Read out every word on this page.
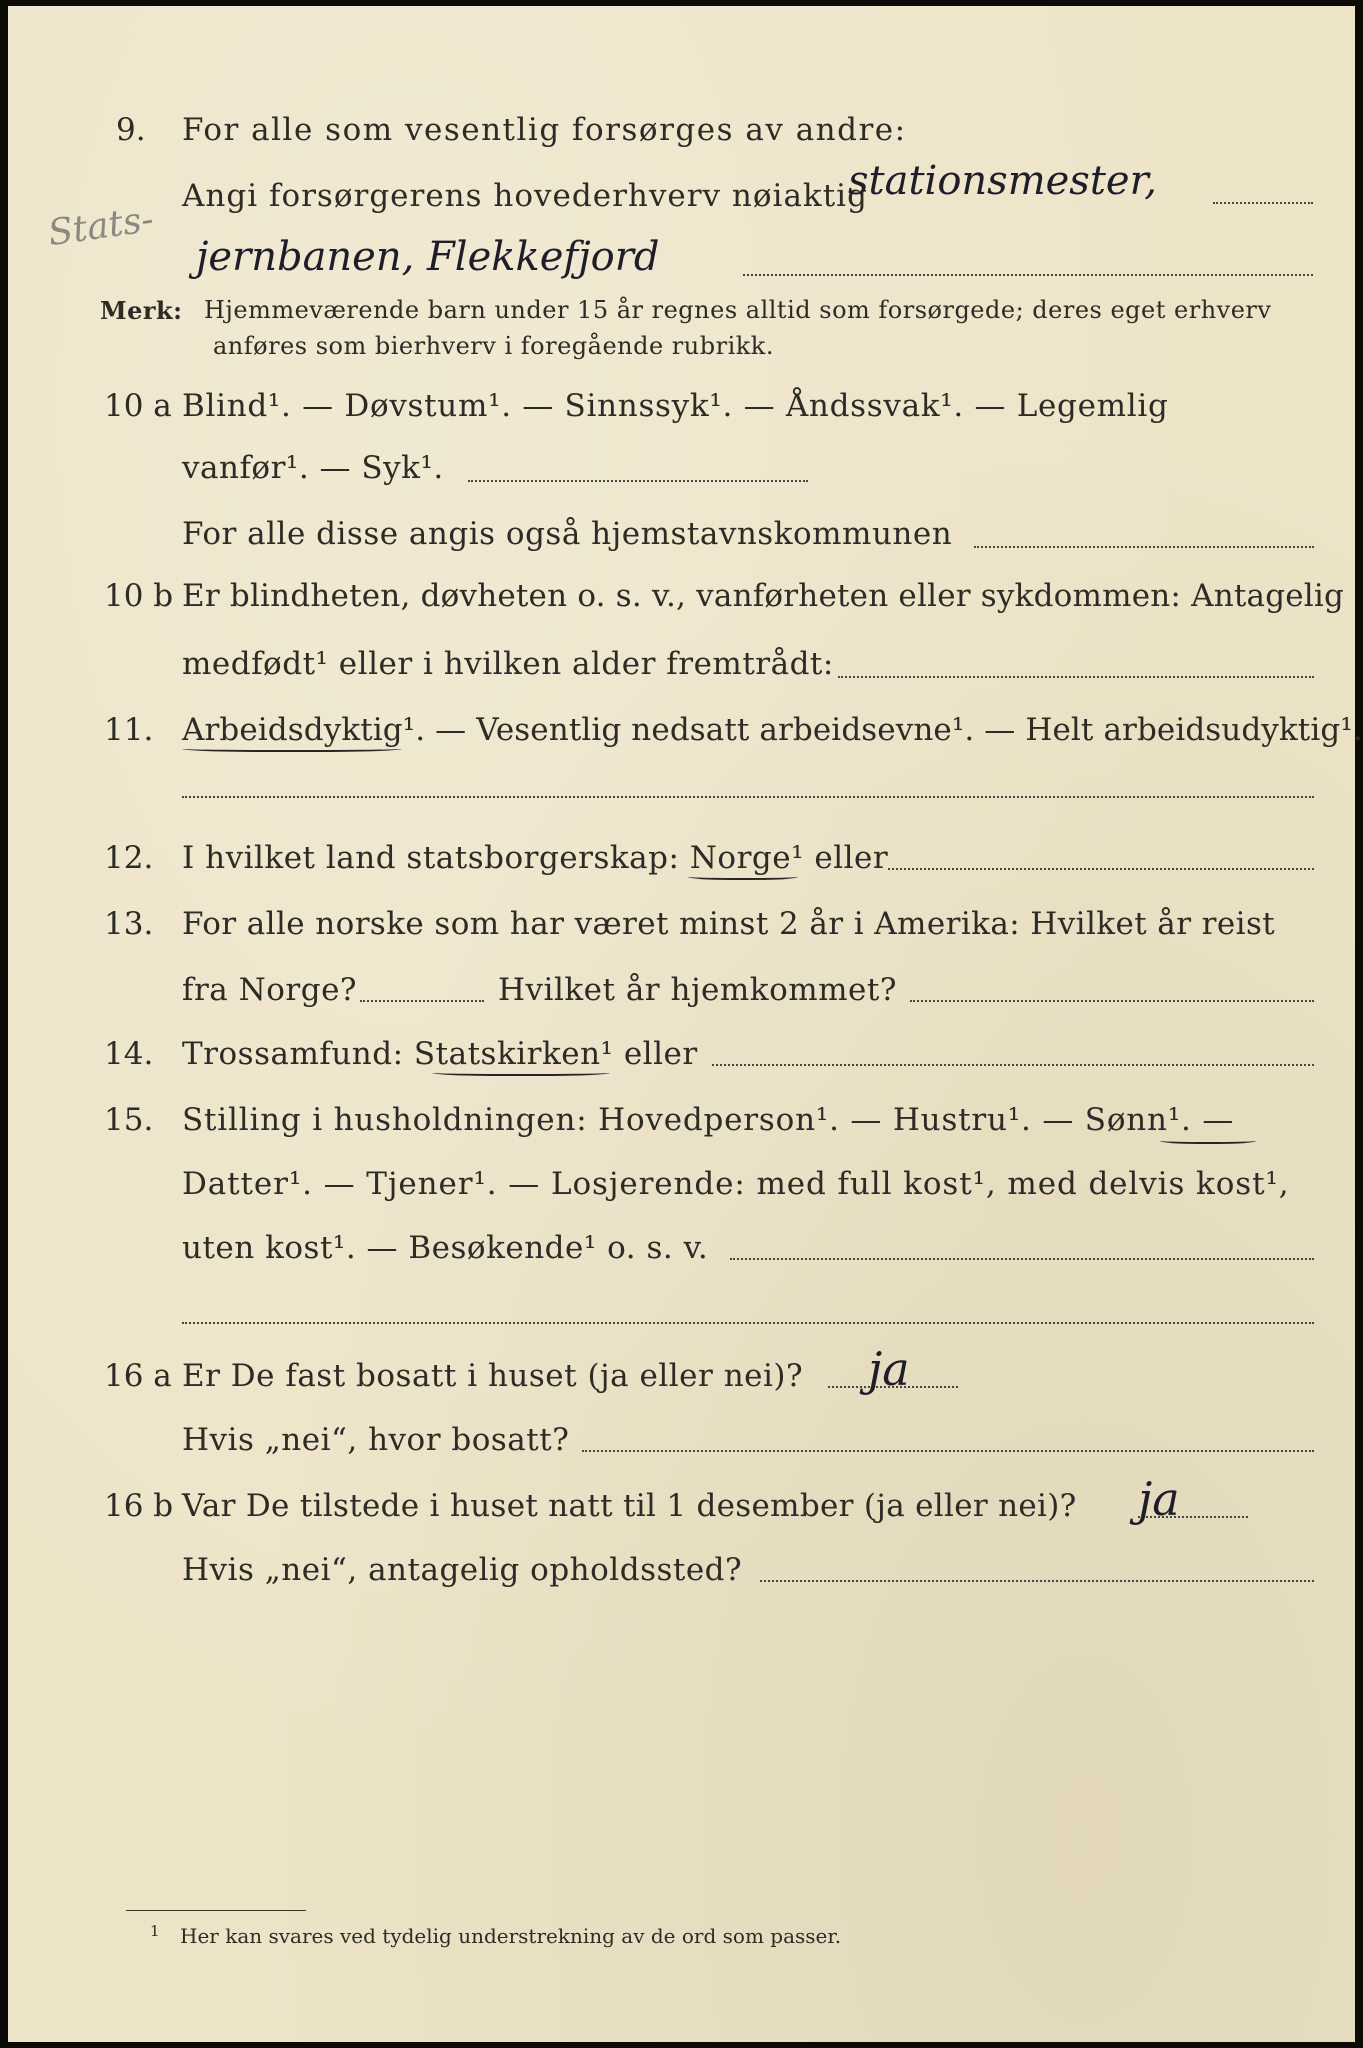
9. For alle som vesentlig forsørges av andre:
Angi forsørgerens hovederhverv nøiaktig
stationsmester,
Stats-
jernbanen, Flekkefjord
Merk: Hjemmeværende barn under 15 år regnes alltid som forsørgede; deres eget erhverv
anføres som bierhverv i foregående rubrikk.
10 a Blind¹. — Døvstum¹. — Sinnssyk¹. — Åndssvak¹. — Legemlig
vanfør¹. — Syk¹.
For alle disse angis også hjemstavnskommunen
10 b Er blindheten, døvheten o. s. v., vanførheten eller sykdommen: Antagelig
medfødt¹ eller i hvilken alder fremtrådt:
11. Arbeidsdyktig¹. — Vesentlig nedsatt arbeidsevne¹. — Helt arbeidsudyktig¹.
12. I hvilket land statsborgerskap: Norge¹ eller
13. For alle norske som har været minst 2 år i Amerika: Hvilket år reist
fra Norge?	Hvilket år hjemkommet?
14. Trossamfund: Statskirken¹ eller
15. Stilling i husholdningen: Hovedperson¹. — Hustru¹. — Sønn¹. —
Datter¹. — Tjener¹. — Losjerende: med full kost¹, med delvis kost¹,
uten kost¹. — Besøkende¹ o. s. v.
16 a Er De fast bosatt i huset (ja eller nei)? ja
Hvis „nei“, hvor bosatt?
16 b Var De tilstede i huset natt til 1 desember (ja eller nei)? ja
Hvis „nei“, antagelig opholdssted?
1 Her kan svares ved tydelig understrekning av de ord som passer.
